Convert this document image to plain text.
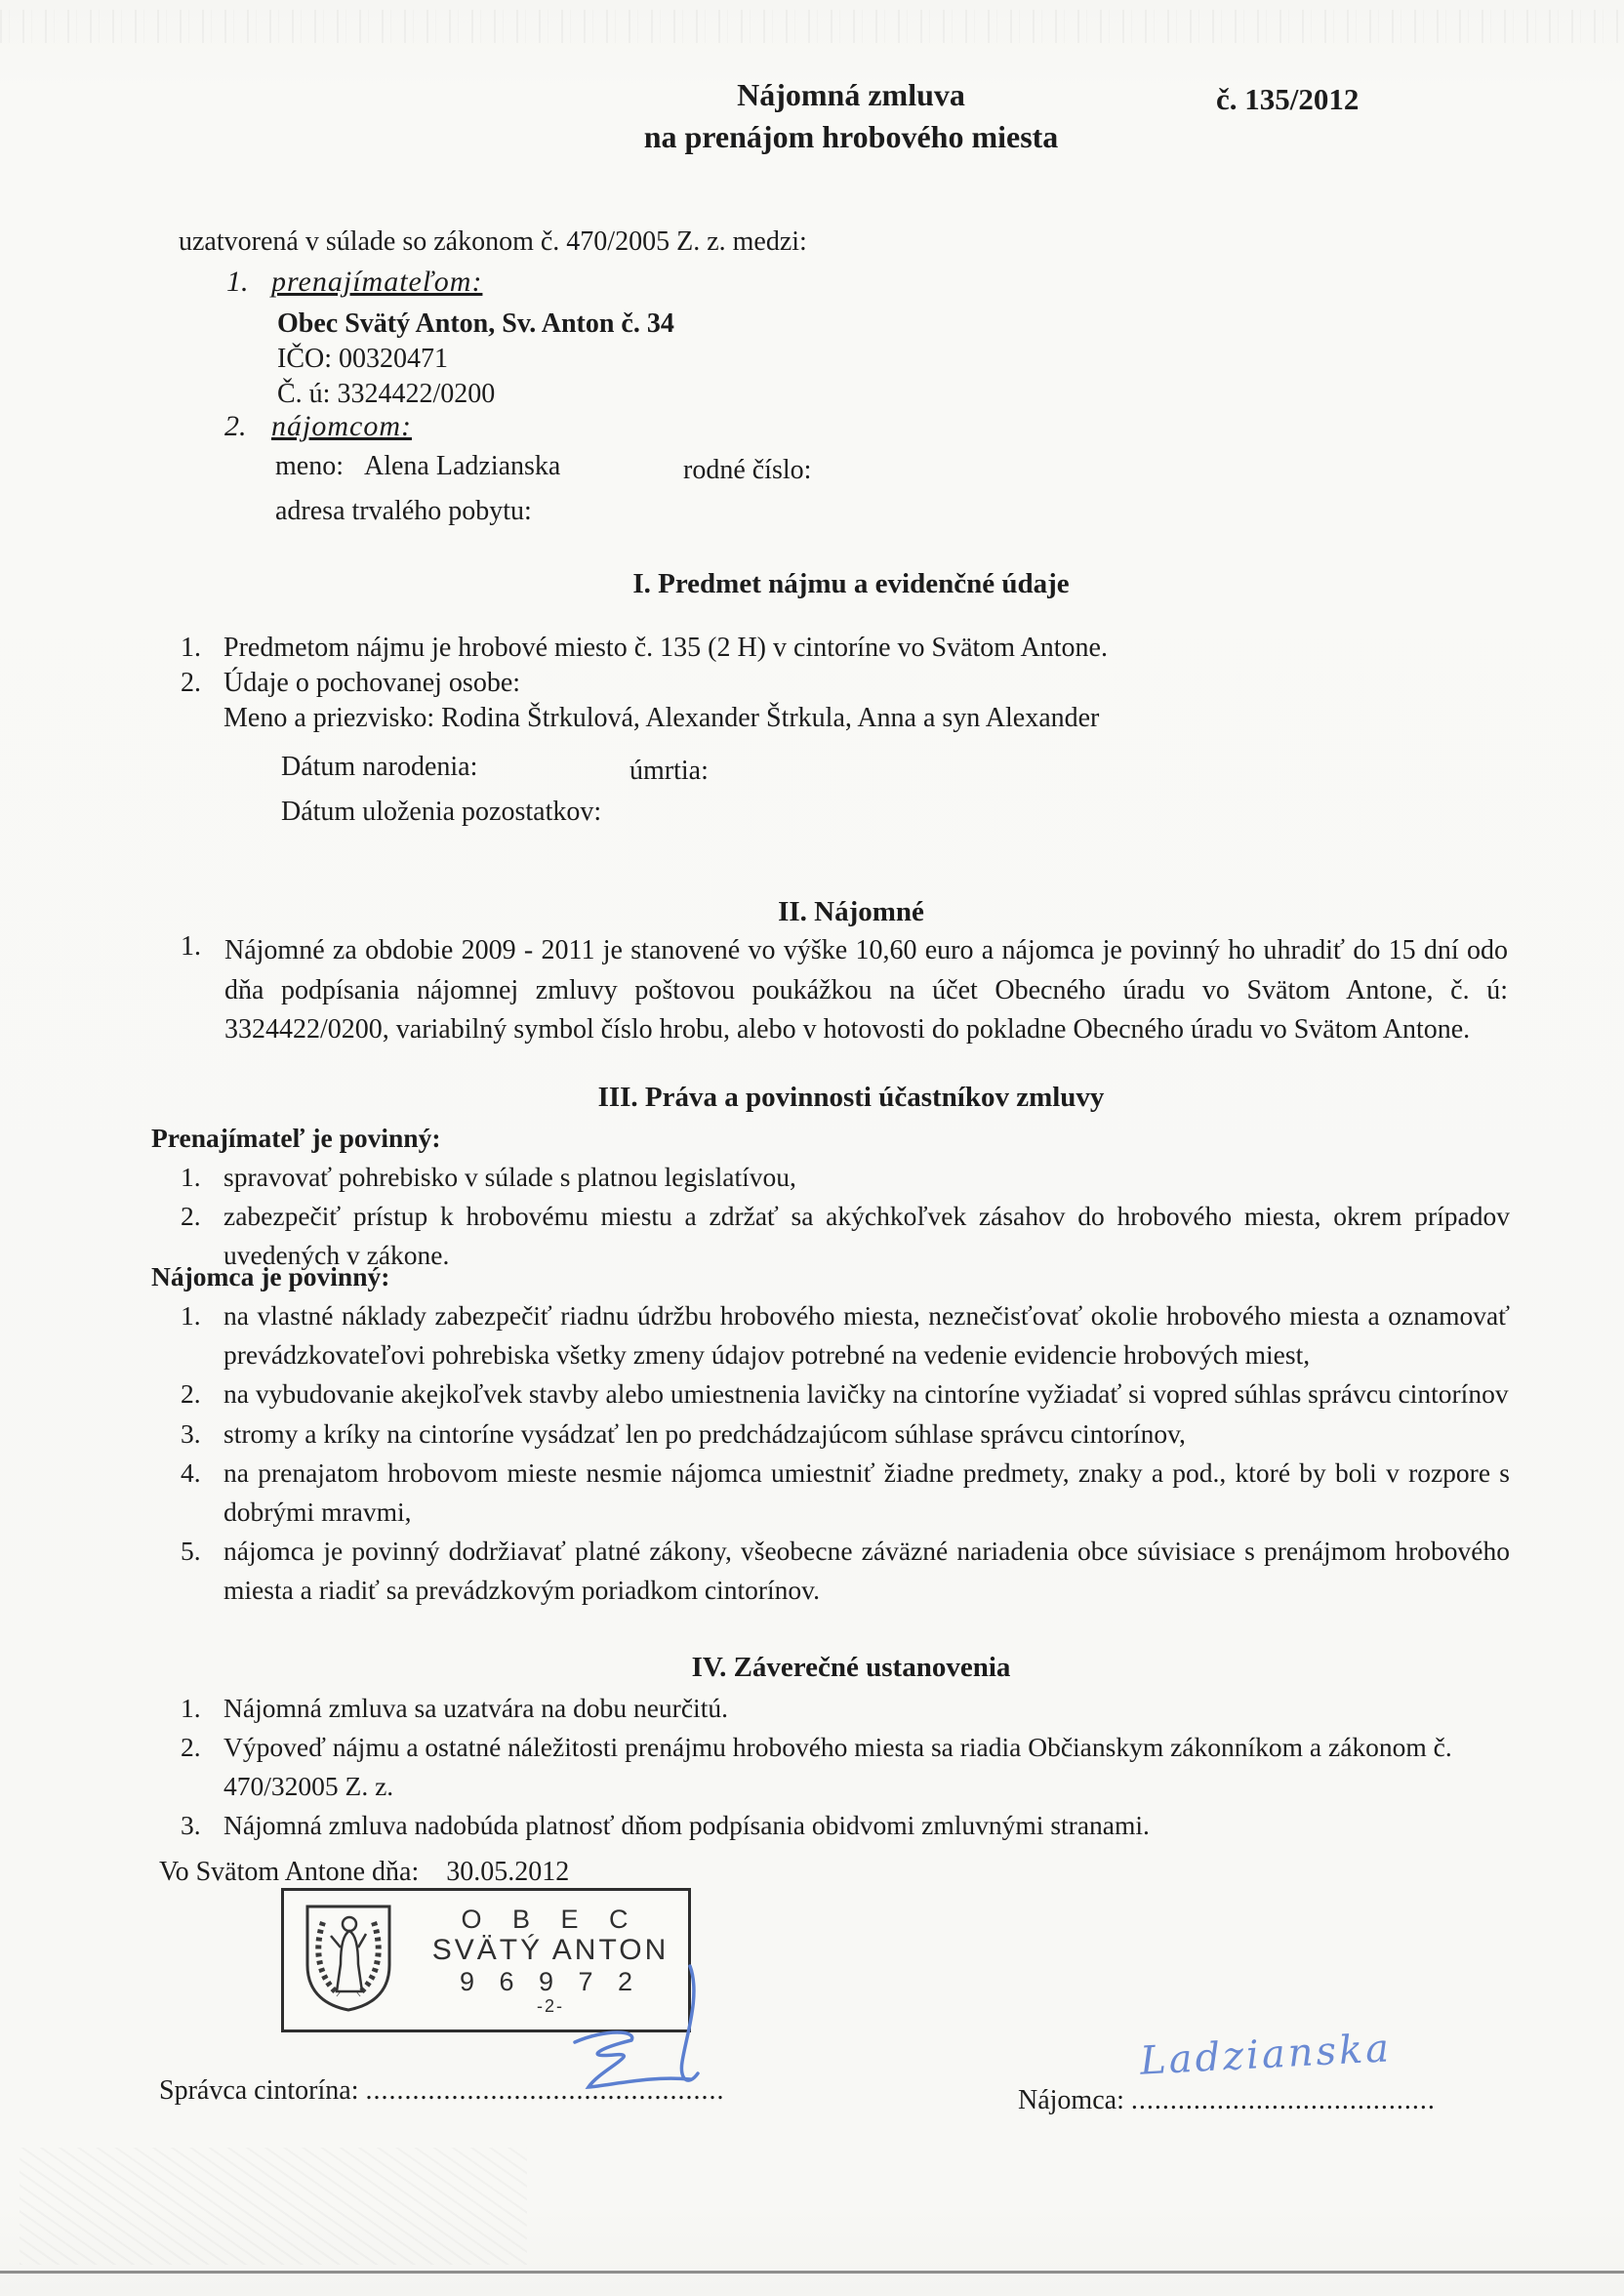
Nájomná zmluva
na prenájom hrobového miesta
č. 135/2012
uzatvorená v súlade so zákonom č. 470/2005 Z. z. medzi:
1. prenajímateľom:
Obec Svätý Anton, Sv. Anton č. 34
IČO: 00320471
Č. ú: 3324422/0200
2. nájomcom:
meno: Alena Ladzianska	rodné číslo:
adresa trvalého pobytu:
I. Predmet nájmu a evidenčné údaje
1. Predmetom nájmu je hrobové miesto č. 135 (2 H) v cintoríne vo Svätom Antone.
2. Údaje o pochovanej osobe:
Meno a priezvisko: Rodina Štrkulová, Alexander Štrkula, Anna a syn Alexander
Dátum narodenia:	úmrtia:
Dátum uloženia pozostatkov:
II. Nájomné
1. Nájomné za obdobie 2009 - 2011 je stanovené vo výške 10,60 euro a nájomca je povinný ho uhradiť do 15 dní odo dňa podpísania nájomnej zmluvy poštovou poukážkou na účet Obecného úradu vo Svätom Antone, č. ú: 3324422/0200, variabilný symbol číslo hrobu, alebo v hotovosti do pokladne Obecného úradu vo Svätom Antone.
III. Práva a povinnosti účastníkov zmluvy
Prenajímateľ je povinný:
1. spravovať pohrebisko v súlade s platnou legislatívou,
2. zabezpečiť prístup k hrobovému miestu a zdržať sa akýchkoľvek zásahov do hrobového miesta, okrem prípadov uvedených v zákone.
Nájomca je povinný:
1. na vlastné náklady zabezpečiť riadnu údržbu hrobového miesta, neznečisťovať okolie hrobového miesta a oznamovať prevádzkovateľovi pohrebiska všetky zmeny údajov potrebné na vedenie evidencie hrobových miest,
2. na vybudovanie akejkoľvek stavby alebo umiestnenia lavičky na cintoríne vyžiadať si vopred súhlas správcu cintorínov
3. stromy a kríky na cintoríne vysádzať len po predchádzajúcom súhlase správcu cintorínov,
4. na prenajatom hrobovom mieste nesmie nájomca umiestniť žiadne predmety, znaky a pod., ktoré by boli v rozpore s dobrými mravmi,
5. nájomca je povinný dodržiavať platné zákony, všeobecne záväzné nariadenia obce súvisiace s prenájmom hrobového miesta a riadiť sa prevádzkovým poriadkom cintorínov.
IV. Záverečné ustanovenia
1. Nájomná zmluva sa uzatvára na dobu neurčitú.
2. Výpoveď nájmu a ostatné náležitosti prenájmu hrobového miesta sa riadia Občianskym zákonníkom a zákonom č. 470/32005 Z. z.
3. Nájomná zmluva nadobúda platnosť dňom podpísania obidvomi zmluvnými stranami.
Vo Svätom Antone dňa: 30.05.2012
O B E C
SVÄTÝ ANTON
9 6 9 7 2
-2-
Správca cintorína: ..............................................	Nájomca: .......................................
Ladzianska
